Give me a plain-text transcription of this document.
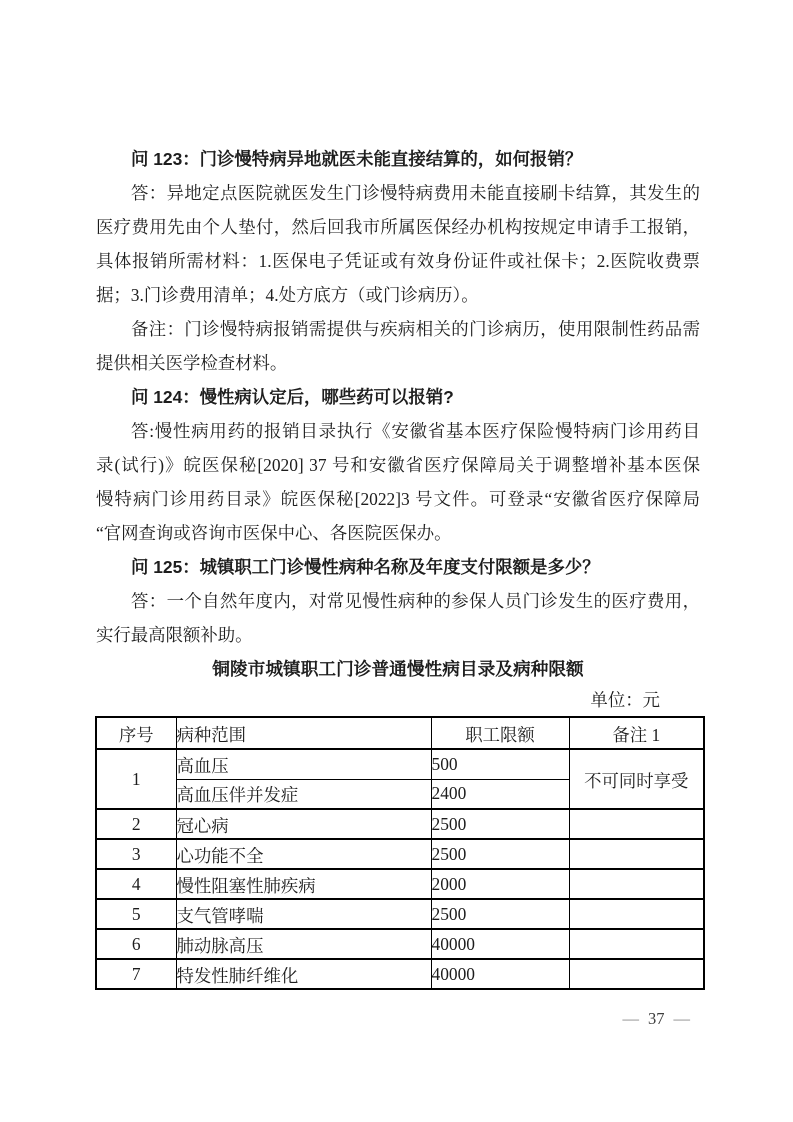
问 123：门诊慢特病异地就医未能直接结算的，如何报销？
答：异地定点医院就医发生门诊慢特病费用未能直接刷卡结算，其发生的
医疗费用先由个人垫付，然后回我市所属医保经办机构按规定申请手工报销，
具体报销所需材料：1.医保电子凭证或有效身份证件或社保卡；2.医院收费票
据；3.门诊费用清单；4.处方底方（或门诊病历）。
备注：门诊慢特病报销需提供与疾病相关的门诊病历，使用限制性药品需
提供相关医学检查材料。
问 124：慢性病认定后，哪些药可以报销?
答:慢性病用药的报销目录执行《安徽省基本医疗保险慢特病门诊用药目
录(试行)》皖医保秘[2020] 37 号和安徽省医疗保障局关于调整增补基本医保
慢特病门诊用药目录》皖医保秘[2022]3 号文件。可登录“安徽省医疗保障局
“官网查询或咨询市医保中心、各医院医保办。
问 125：城镇职工门诊慢性病种名称及年度支付限额是多少？
答：一个自然年度内，对常见慢性病种的参保人员门诊发生的医疗费用，
实行最高限额补助。
铜陵市城镇职工门诊普通慢性病目录及病种限额
单位：元
序号	病种范围	职工限额	备注 1
1	高血压	500	不可同时享受
	高血压伴并发症	2400	
2	冠心病	2500	
3	心功能不全	2500	
4	慢性阻塞性肺疾病	2000	
5	支气管哮喘	2500	
6	肺动脉高压	40000	
7	特发性肺纤维化	40000	
— 37 —
